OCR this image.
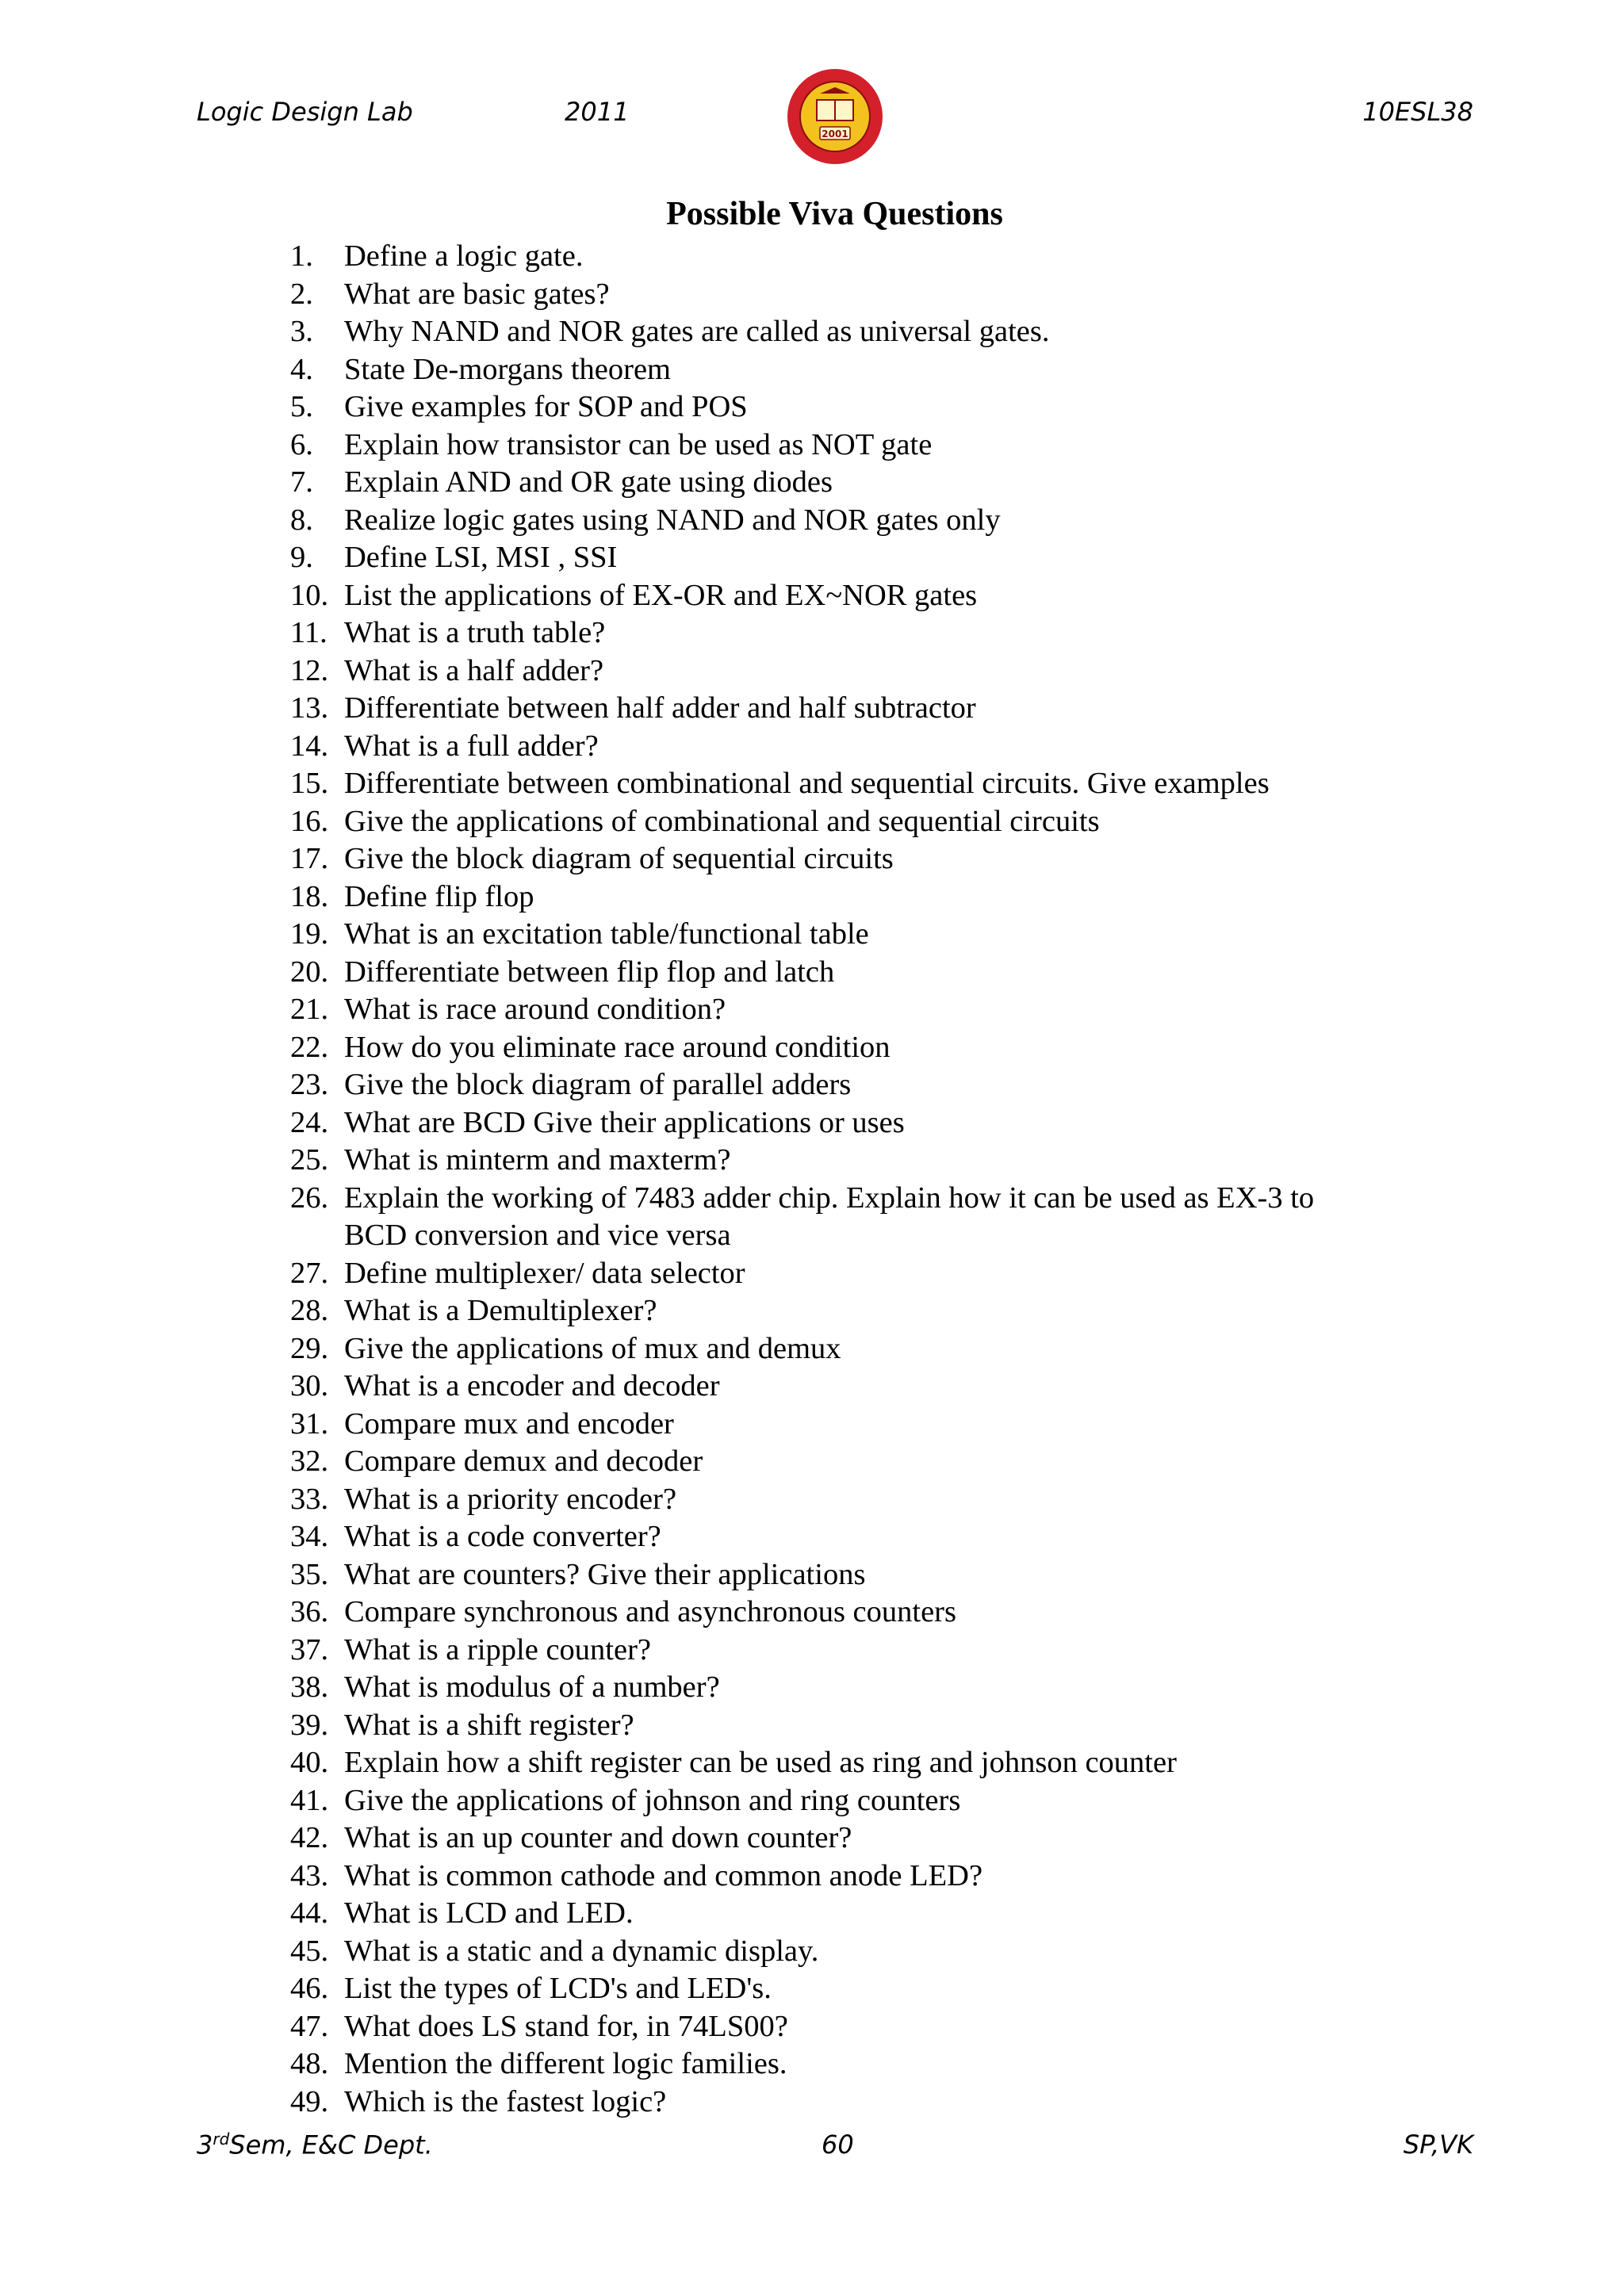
Logic Design Lab	2011
2001
10ESL38
Possible Viva Questions
1.	Define a logic gate.
2.	What are basic gates?
3.	Why NAND and NOR gates are called as universal gates.
4.	State De-morgans theorem
5.	Give examples for SOP and POS
6.	Explain how transistor can be used as NOT gate
7.	Explain AND and OR gate using diodes
8.	Realize logic gates using NAND and NOR gates only
9.	Define LSI, MSI , SSI
10. List the applications of EX-OR and EX~NOR gates
11. What is a truth table?
12. What is a half adder?
13. Differentiate between half adder and half subtractor
14. What is a full adder?
15. Differentiate between combinational and sequential circuits. Give examples
16. Give the applications of combinational and sequential circuits
17. Give the block diagram of sequential circuits
18. Define flip flop
19. What is an excitation table/functional table
20. Differentiate between flip flop and latch
21. What is race around condition?
22. How do you eliminate race around condition
23. Give the block diagram of parallel adders
24. What are BCD Give their applications or uses
25. What is minterm and maxterm?
26. Explain the working of 7483 adder chip. Explain how it can be used as EX-3 to
BCD conversion and vice versa
27. Define multiplexer/ data selector
28. What is a Demultiplexer?
29. Give the applications of mux and demux
30. What is a encoder and decoder
31. Compare mux and encoder
32. Compare demux and decoder
33. What is a priority encoder?
34. What is a code converter?
35. What are counters? Give their applications
36. Compare synchronous and asynchronous counters
37. What is a ripple counter?
38. What is modulus of a number?
39. What is a shift register?
40. Explain how a shift register can be used as ring and johnson counter
41. Give the applications of johnson and ring counters
42. What is an up counter and down counter?
43. What is common cathode and common anode LED?
44. What is LCD and LED.
45. What is a static and a dynamic display.
46. List the types of LCD's and LED's.
47. What does LS stand for, in 74LS00?
48. Mention the different logic families.
49. Which is the fastest logic?
3rdSem, E&C Dept.	60	SP,VK
